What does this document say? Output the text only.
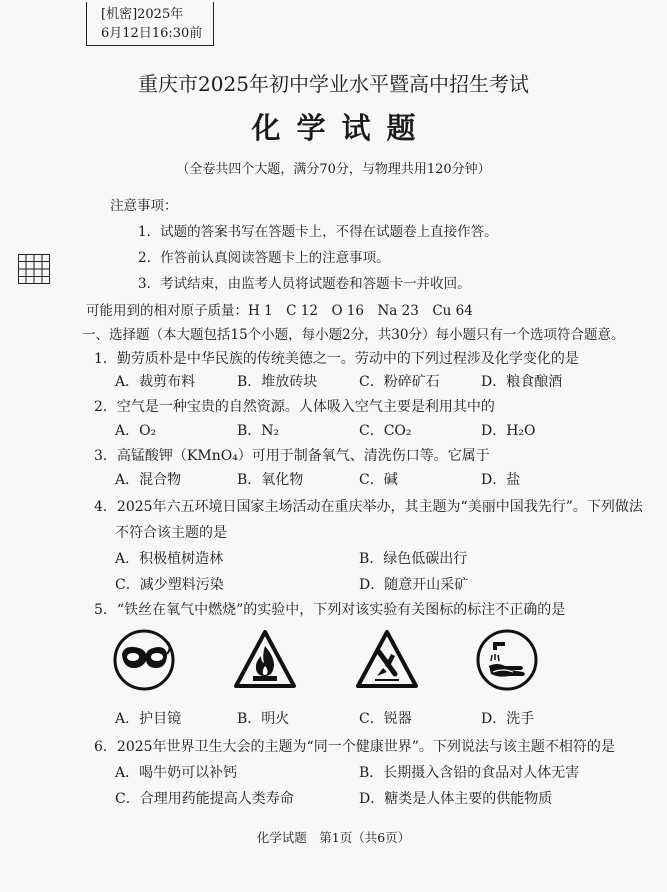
[机密]2025年
6月12日16:30前
重庆市2025年初中学业水平暨高中招生考试
化学试题
（全卷共四个大题，满分70分，与物理共用120分钟）
注意事项：
1．试题的答案书写在答题卡上，不得在试题卷上直接作答。
2．作答前认真阅读答题卡上的注意事项。
3．考试结束，由监考人员将试题卷和答题卡一并收回。
可能用到的相对原子质量：H 1　C 12　O 16　Na 23　Cu 64
一、选择题（本大题包括15个小题，每小题2分，共30分）每小题只有一个选项符合题意。
1．勤劳质朴是中华民族的传统美德之一。劳动中的下列过程涉及化学变化的是
A．裁剪布料	B．堆放砖块	C．粉碎矿石	D．粮食酿酒
2．空气是一种宝贵的自然资源。人体吸入空气主要是利用其中的
A．O₂	B．N₂	C．CO₂	D．H₂O
3．高锰酸钾（KMnO₄）可用于制备氧气、清洗伤口等。它属于
A．混合物	B．氧化物	C．碱	D．盐
4．2025年六五环境日国家主场活动在重庆举办，其主题为“美丽中国我先行”。下列做法
不符合该主题的是
A．积极植树造林	B．绿色低碳出行
C．减少塑料污染	D．随意开山采矿
5．“铁丝在氧气中燃烧”的实验中，下列对该实验有关图标的标注不正确的是
A．护目镜	B．明火	C．锐器	D．洗手
6．2025年世界卫生大会的主题为“同一个健康世界”。下列说法与该主题不相符的是
A．喝牛奶可以补钙	B．长期摄入含铅的食品对人体无害
C．合理用药能提高人类寿命	D．糖类是人体主要的供能物质
化学试题　第1页（共6页）
